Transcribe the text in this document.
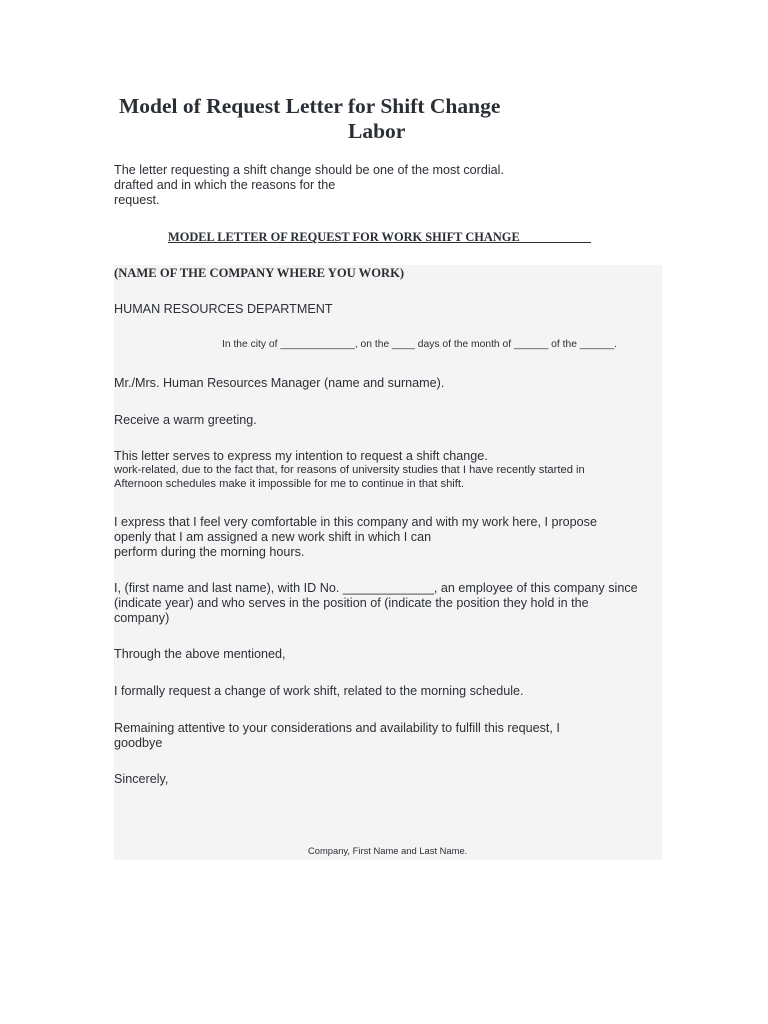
Model of Request Letter for Shift Change
Labor
The letter requesting a shift change should be one of the most cordial.
drafted and in which the reasons for the
request.
MODEL LETTER OF REQUEST FOR WORK SHIFT CHANGE ___________
(NAME OF THE COMPANY WHERE YOU WORK)
HUMAN RESOURCES DEPARTMENT
In the city of _____________, on the ____ days of the month of ______ of the ______.
Mr./Mrs. Human Resources Manager (name and surname).
Receive a warm greeting.
This letter serves to express my intention to request a shift change.
work-related, due to the fact that, for reasons of university studies that I have recently started in
Afternoon schedules make it impossible for me to continue in that shift.
I express that I feel very comfortable in this company and with my work here, I propose
openly that I am assigned a new work shift in which I can
perform during the morning hours.
I, (first name and last name), with ID No. _____________, an employee of this company since
(indicate year) and who serves in the position of (indicate the position they hold in the
company)
Through the above mentioned,
I formally request a change of work shift, related to the morning schedule.
Remaining attentive to your considerations and availability to fulfill this request, I
goodbye
Sincerely,
Company, First Name and Last Name.
